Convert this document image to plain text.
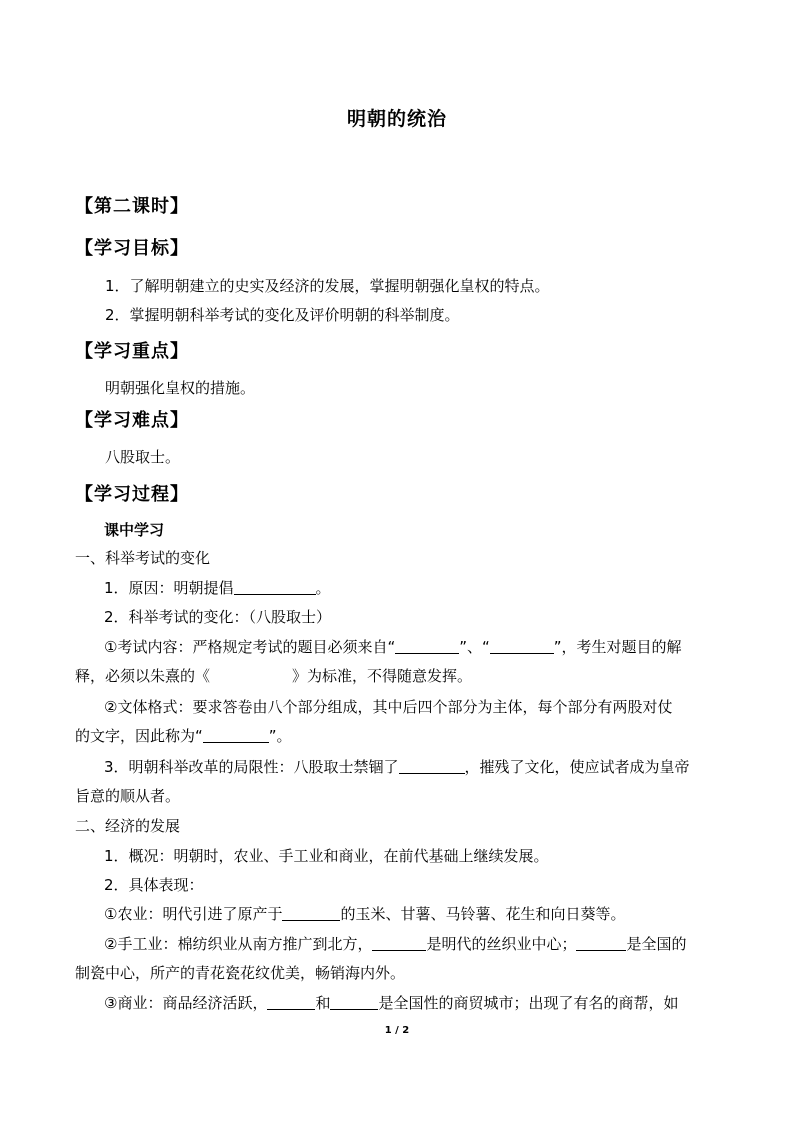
明朝的统治
【第二课时】
【学习目标】
1．了解明朝建立的史实及经济的发展，掌握明朝强化皇权的特点。
2．掌握明朝科举考试的变化及评价明朝的科举制度。
【学习重点】
明朝强化皇权的措施。
【学习难点】
八股取士。
【学习过程】
课中学习
一、科举考试的变化
1．原因：明朝提倡	。
2．科举考试的变化：（八股取士）
①考试内容：严格规定考试的题目必须来自“	”、“	”，考生对题目的解
释，必须以朱熹的《	》为标准，不得随意发挥。
②文体格式：要求答卷由八个部分组成，其中后四个部分为主体，每个部分有两股对仗
的文字，因此称为“	”。
3．明朝科举改革的局限性：八股取士禁锢了	，摧残了文化，使应试者成为皇帝
旨意的顺从者。
二、经济的发展
1．概况：明朝时，农业、手工业和商业，在前代基础上继续发展。
2．具体表现：
①农业：明代引进了原产于	的玉米、甘薯、马铃薯、花生和向日葵等。
②手工业：棉纺织业从南方推广到北方，	是明代的丝织业中心；	是全国的
制瓷中心，所产的青花瓷花纹优美，畅销海内外。
③商业：商品经济活跃，	和	是全国性的商贸城市；出现了有名的商帮，如
1 / 2
